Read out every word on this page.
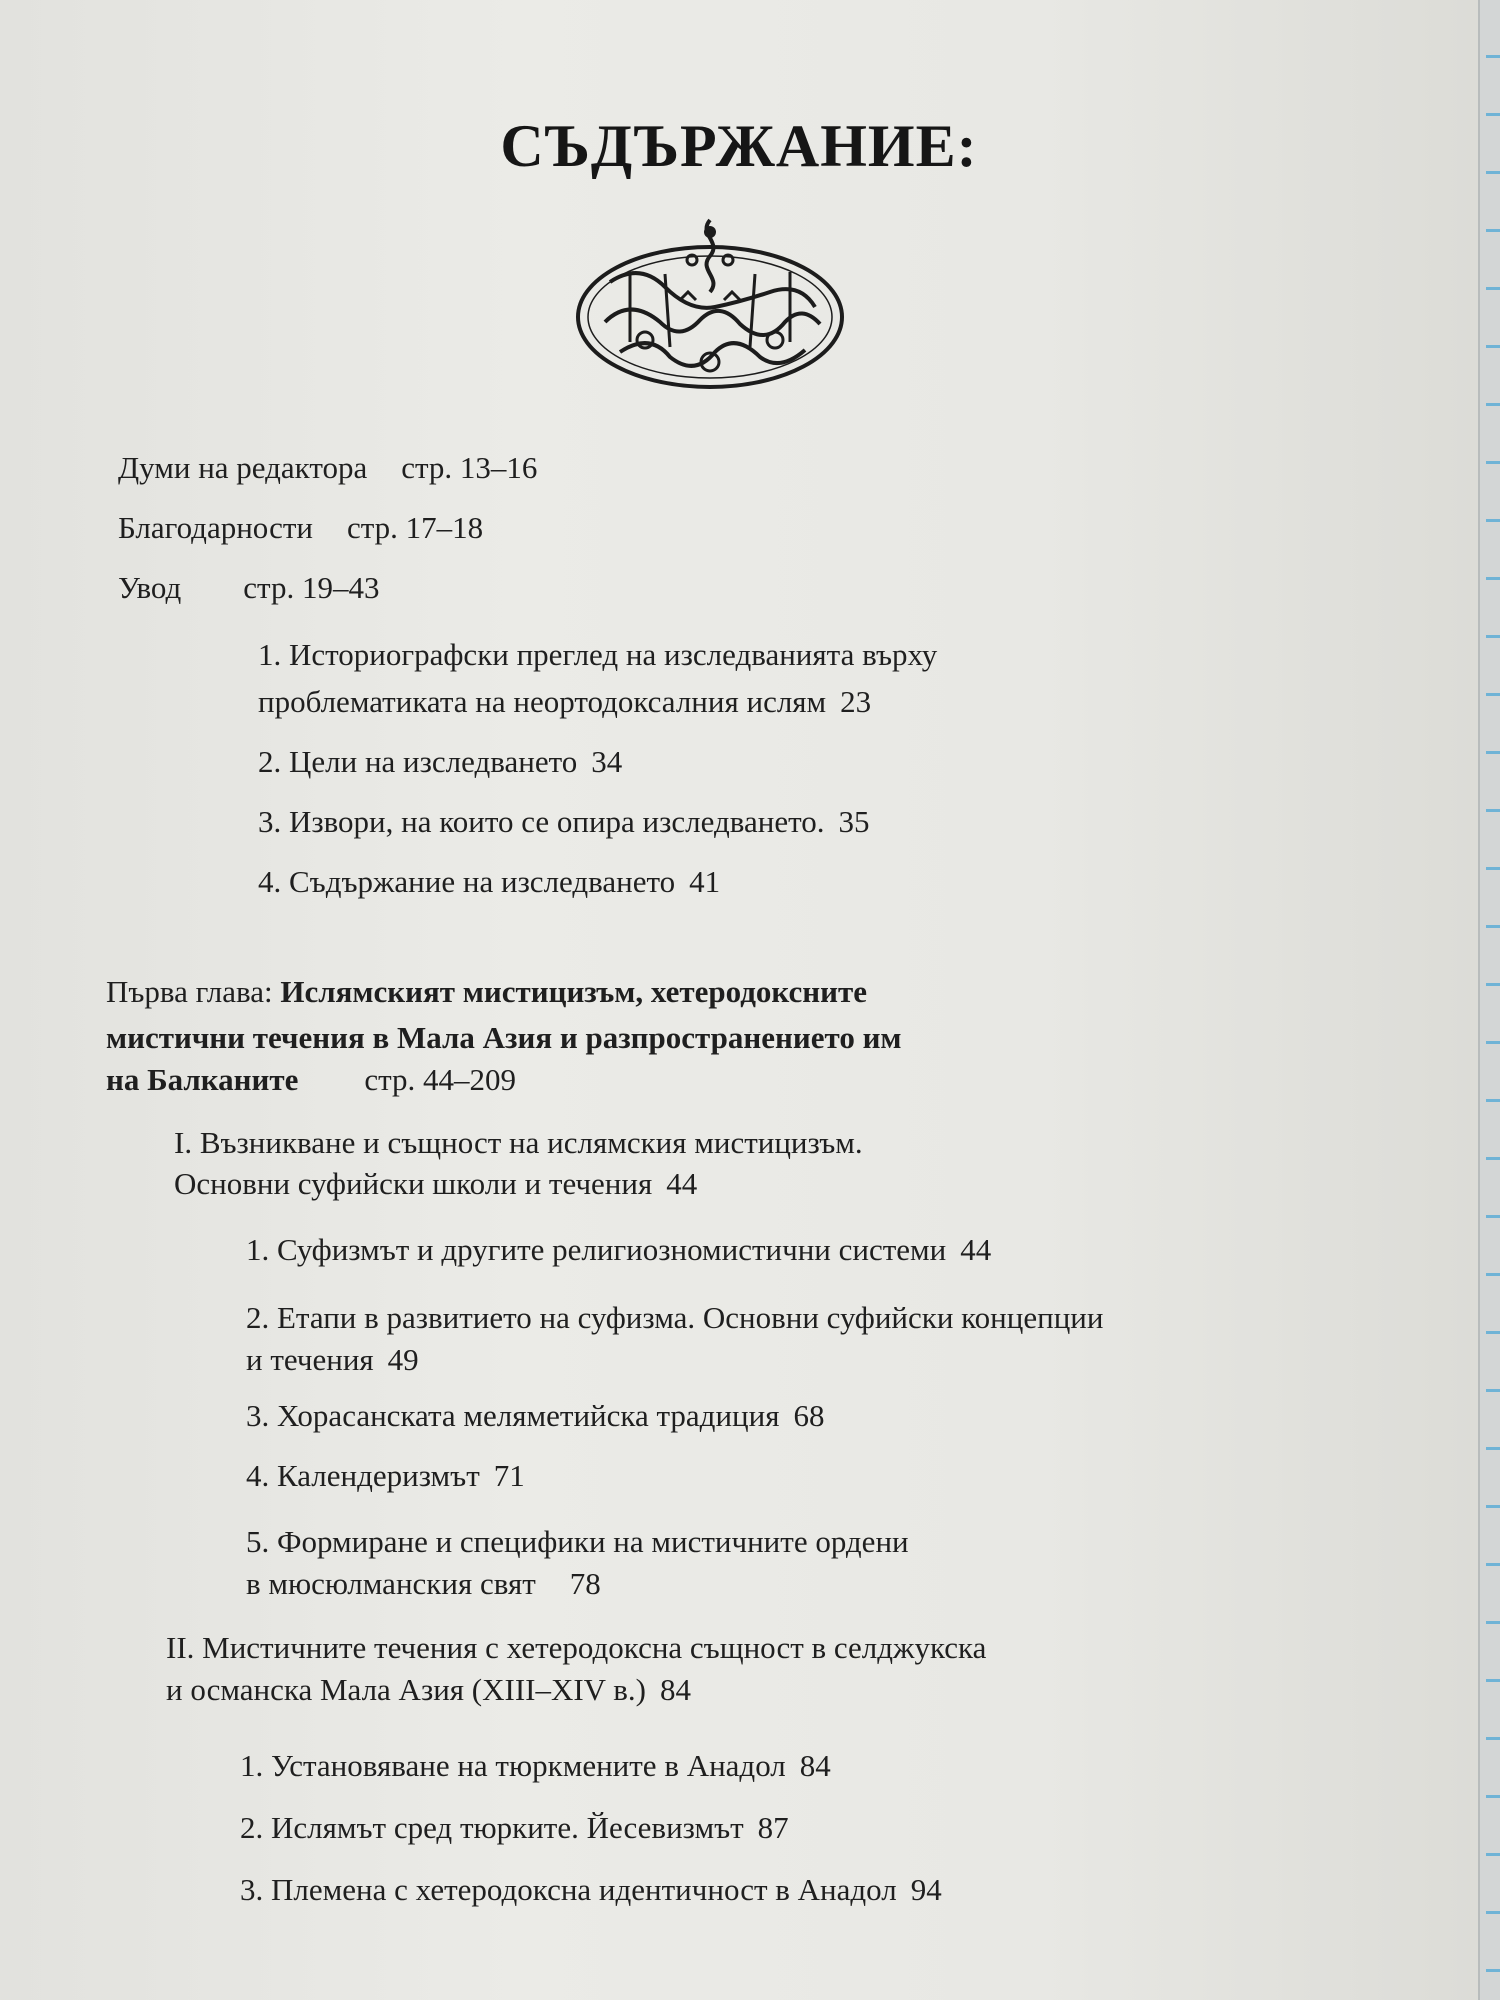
СЪДЪРЖАНИЕ:
Думи на редактора стр. 13–16
Благодарности стр. 17–18
Увод стр. 19–43
1. Историографски преглед на изследванията върху
проблематиката на неортодоксалния ислям 23
2. Цели на изследването 34
3. Извори, на които се опира изследването. 35
4. Съдържание на изследването 41
Първа глава: Ислямският мистицизъм, хетеродоксните
мистични течения в Мала Азия и разпространението им
на Балканите стр. 44–209
I. Възникване и същност на ислямския мистицизъм.
Основни суфийски школи и течения 44
1. Суфизмът и другите религиозномистични системи 44
2. Етапи в развитието на суфизма. Основни суфийски концепции
и течения 49
3. Хорасанската меляметийска традиция 68
4. Календеризмът 71
5. Формиране и специфики на мистичните ордени
в мюсюлманския свят 78
II. Мистичните течения с хетеродоксна същност в селджукска
и османска Мала Азия (XIII–XIV в.) 84
1. Установяване на тюркмените в Анадол 84
2. Ислямът сред тюрките. Йесевизмът 87
3. Племена с хетеродоксна идентичност в Анадол 94
